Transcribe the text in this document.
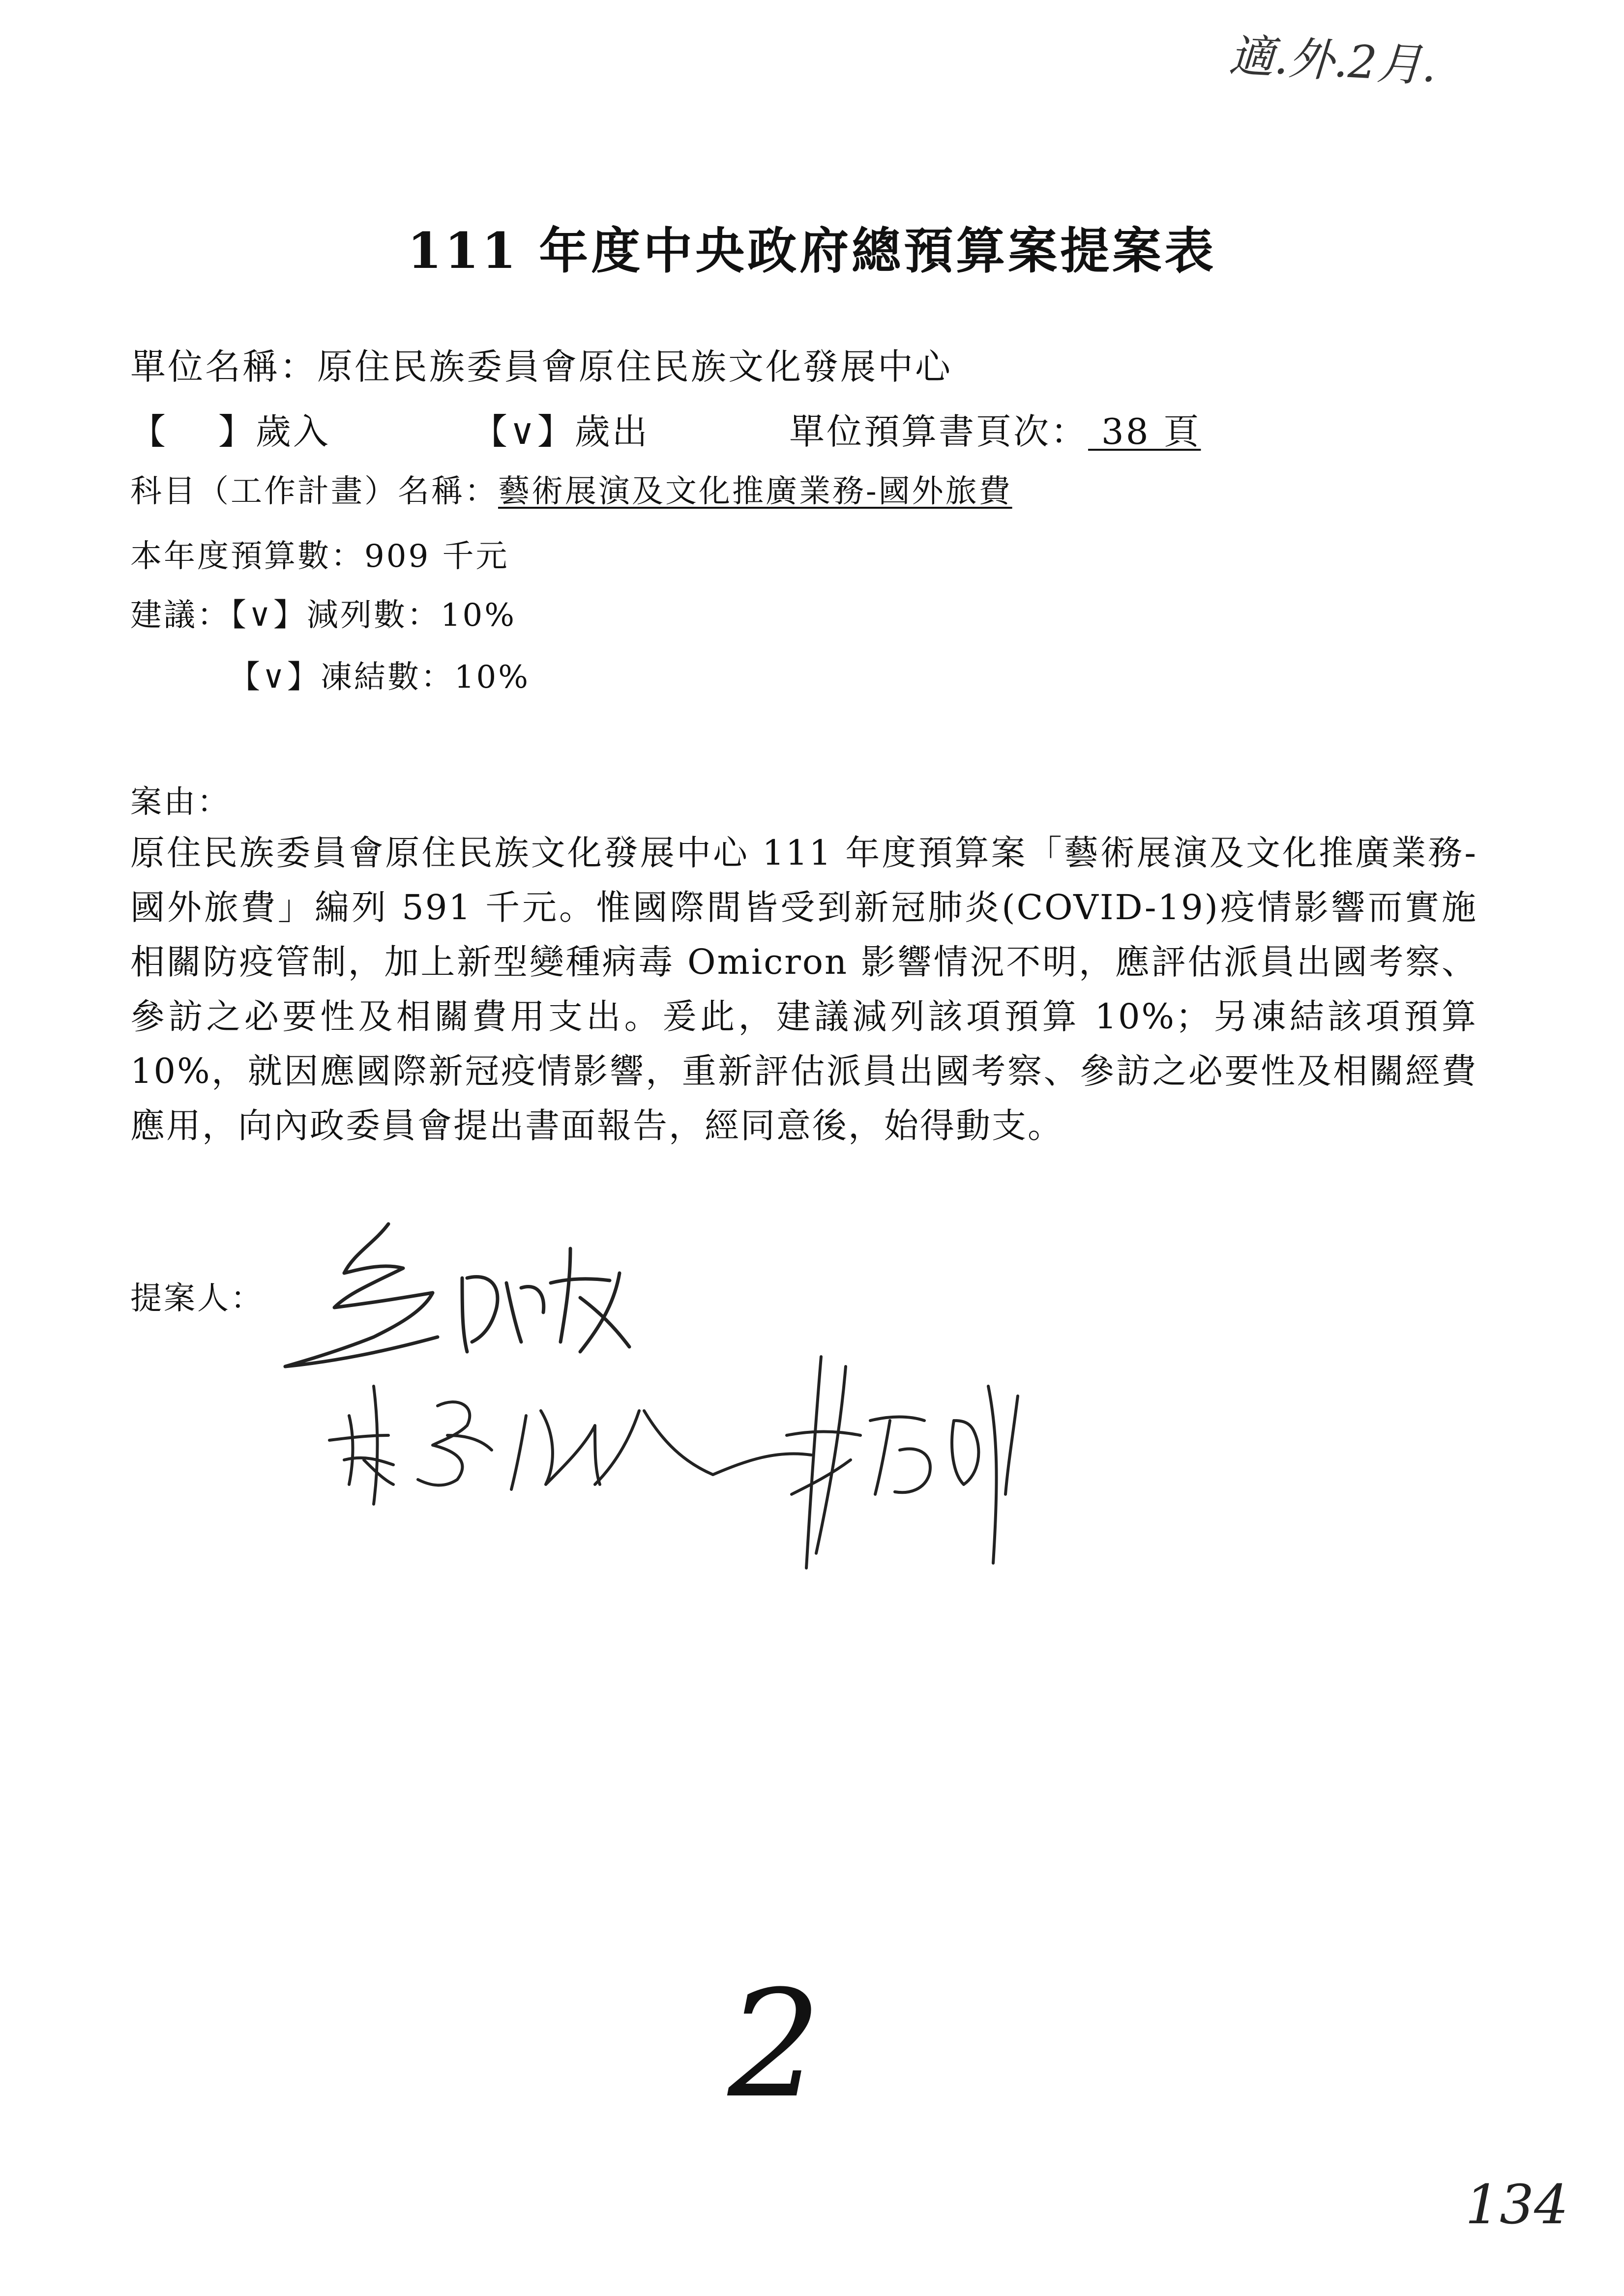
適.外.2月.
111 年度中央政府總預算案提案表
單位名稱：原住民族委員會原住民族文化發展中心
【　 】歲入	【∨】歲出	單位預算書頁次： 38 頁
科目（工作計畫）名稱：藝術展演及文化推廣業務-國外旅費
本年度預算數：909 千元
建議：【∨】減列數：10%
【∨】凍結數：10%
案由：
原住民族委員會原住民族文化發展中心 111 年度預算案「藝術展演及文化推廣業務-國外旅費」編列 591 千元。惟國際間皆受到新冠肺炎(COVID-19)疫情影響而實施相關防疫管制，加上新型變種病毒 Omicron 影響情況不明，應評估派員出國考察、參訪之必要性及相關費用支出。爰此，建議減列該項預算 10%；另凍結該項預算 10%，就因應國際新冠疫情影響，重新評估派員出國考察、參訪之必要性及相關經費應用，向內政委員會提出書面報告，經同意後，始得動支。
提案人：
2
134
